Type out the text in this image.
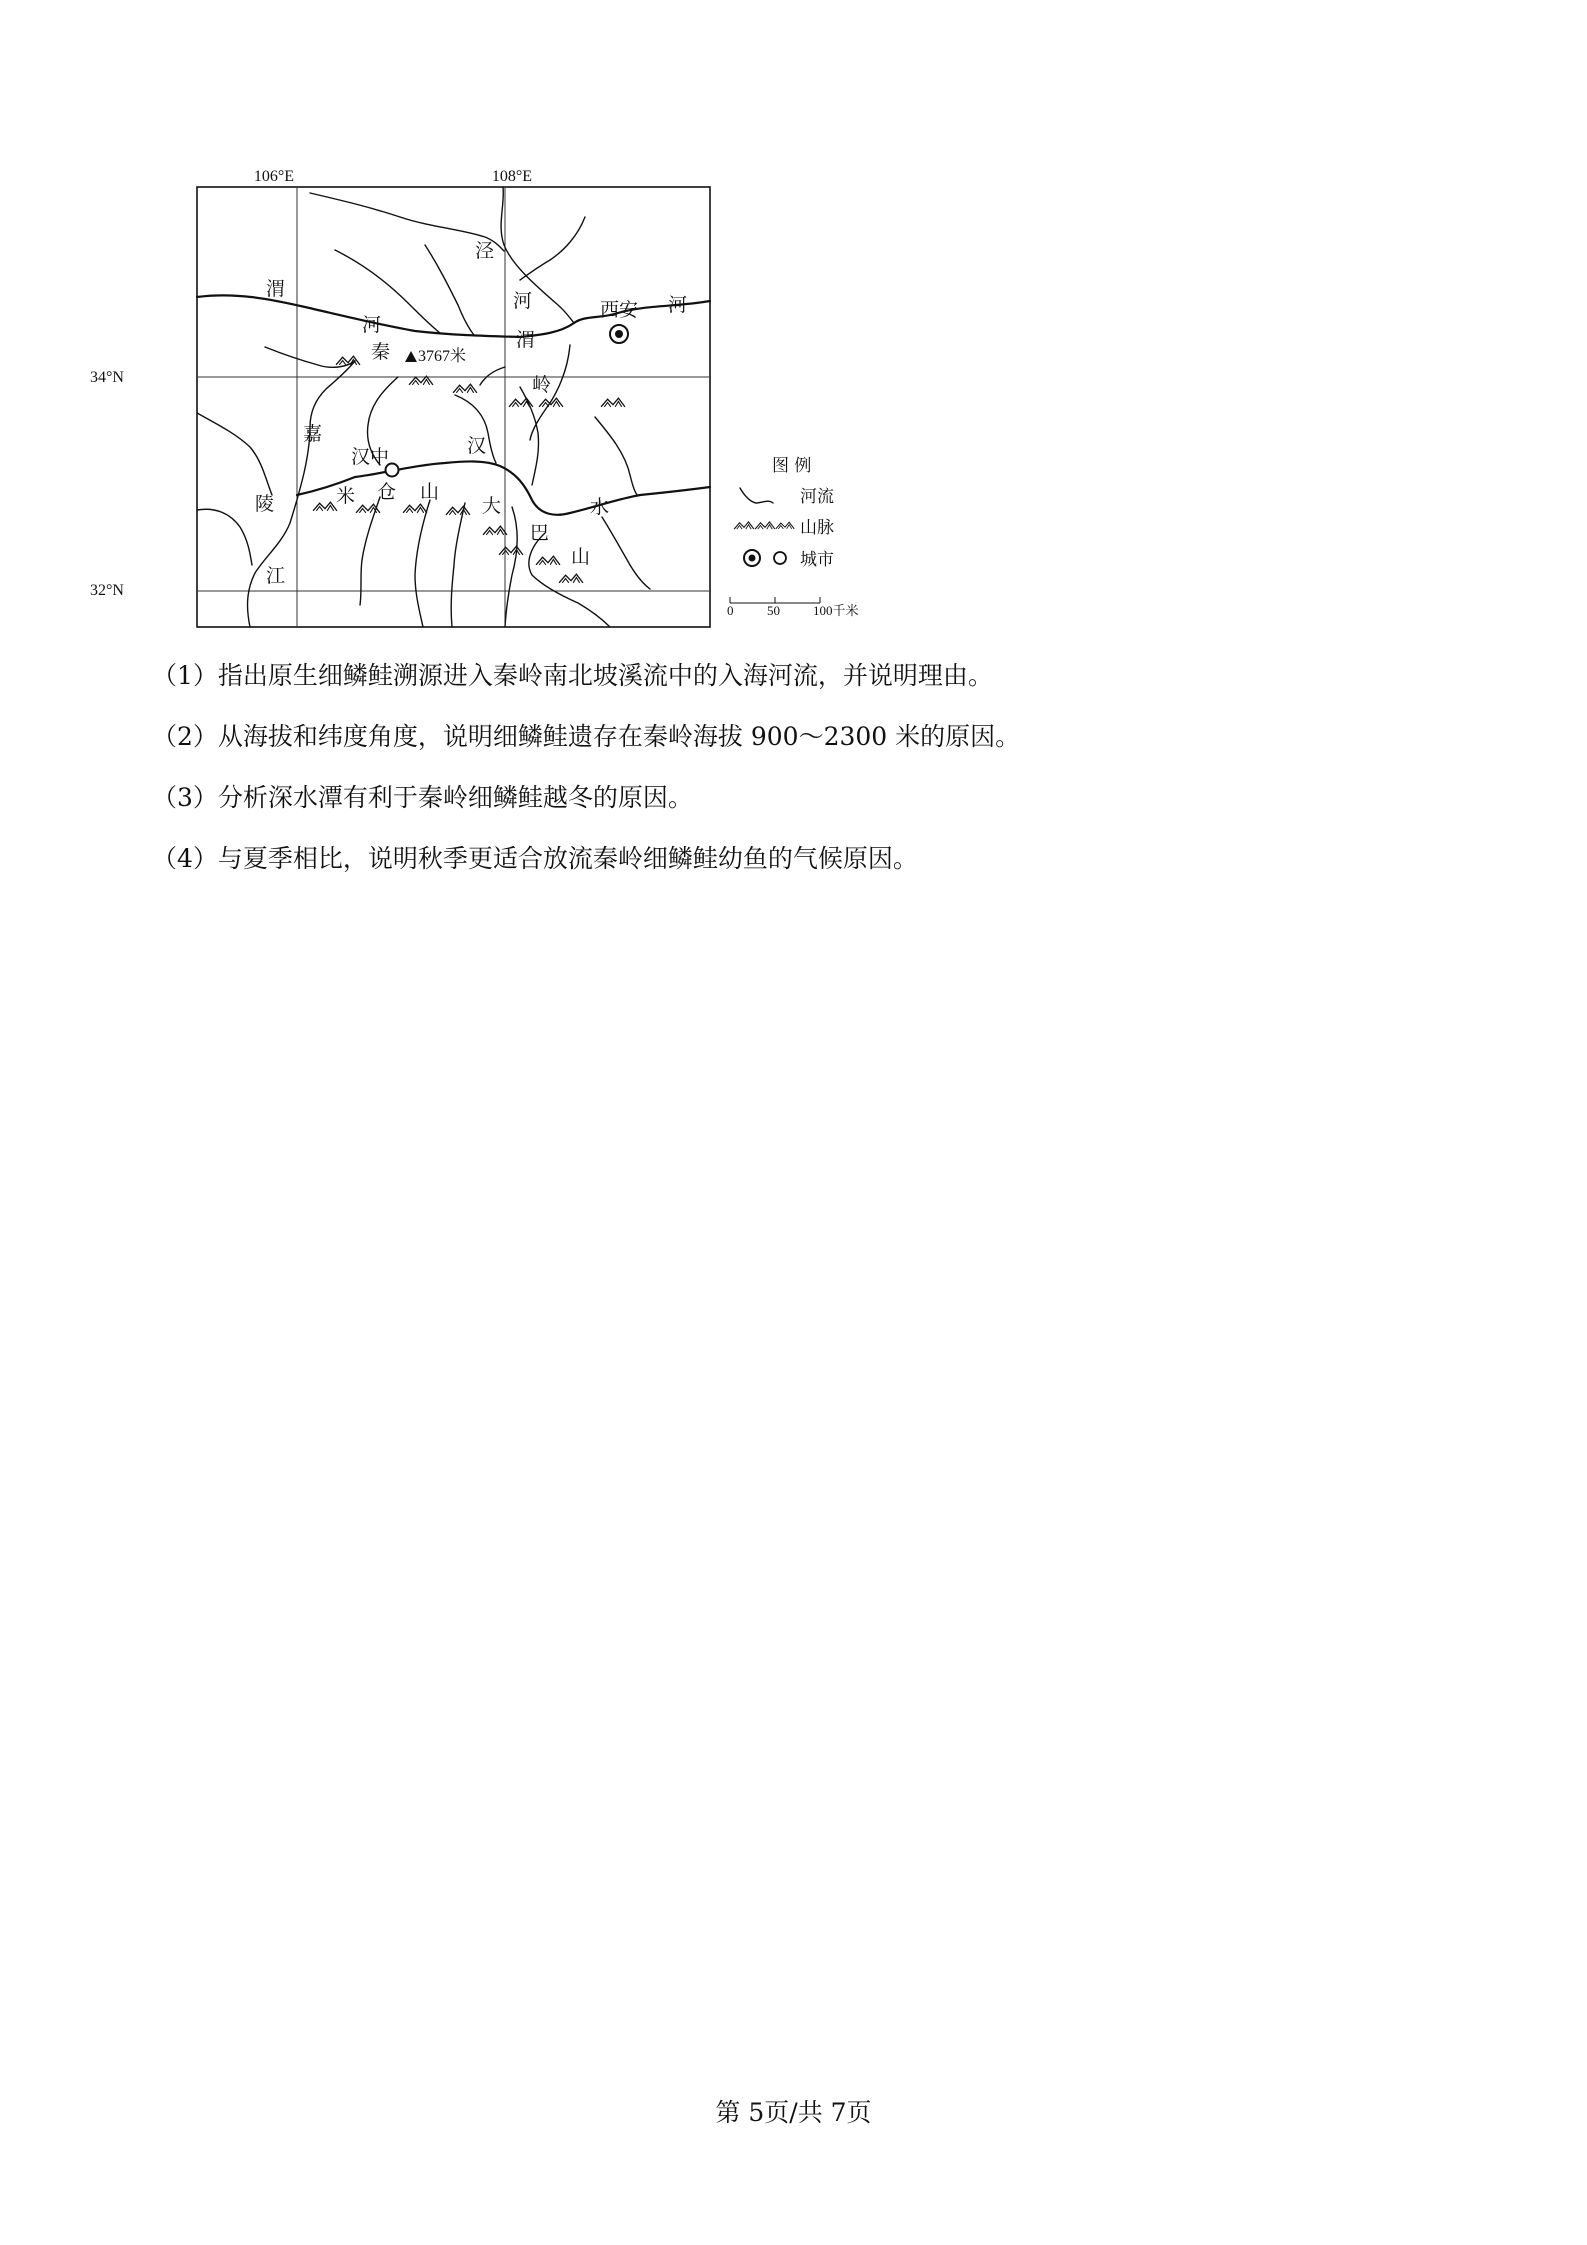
106°E	108°E
34°N
32°N
3767米
渭
河
泾
河
渭
西安 河
秦
岭
嘉
陵
江
汉中	汉
米 仓 山
大
巴
水
山
图 例
河流
山脉
城市
0	50	100千米

（1）指出原生细鳞鲑溯源进入秦岭南北坡溪流中的入海河流，并说明理由。

（2）从海拔和纬度角度，说明细鳞鲑遗存在秦岭海拔 900～2300 米的原因。

（3）分析深水潭有利于秦岭细鳞鲑越冬的原因。

（4）与夏季相比，说明秋季更适合放流秦岭细鳞鲑幼鱼的气候原因。

第 5页/共 7页
